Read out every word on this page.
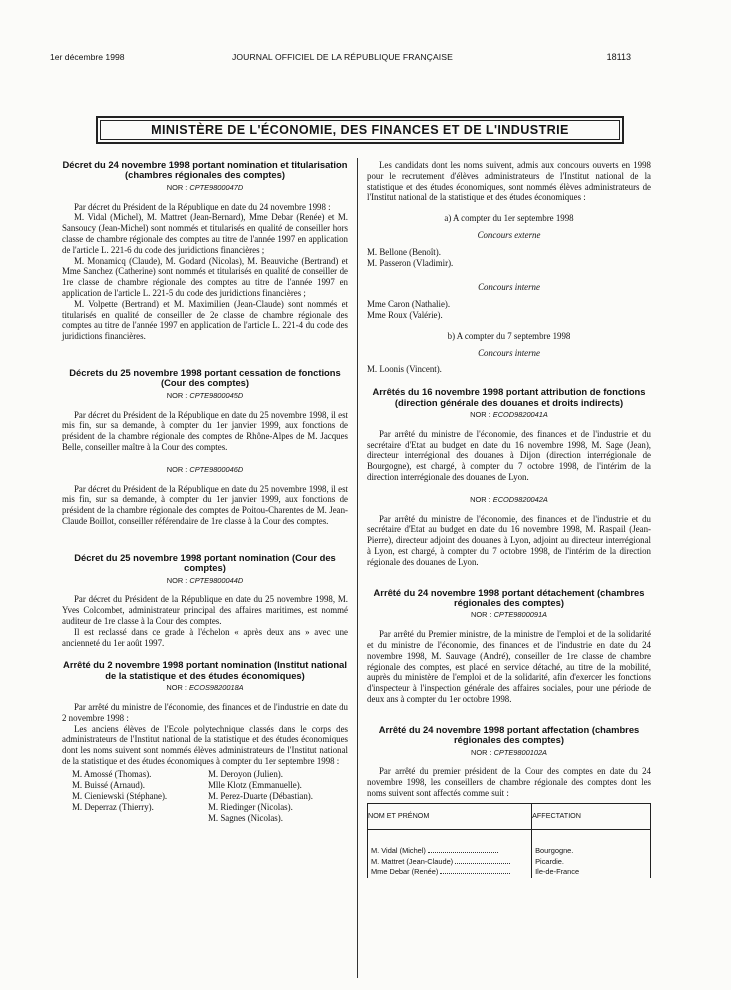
1er décembre 1998	JOURNAL OFFICIEL DE LA RÉPUBLIQUE FRANÇAISE	18113
MINISTÈRE DE L'ÉCONOMIE, DES FINANCES ET DE L'INDUSTRIE
Décret du 24 novembre 1998 portant nomination et titularisation (chambres régionales des comptes)
NOR : CPTE9800047D

Par décret du Président de la République en date du 24 novembre 1998 :

M. Vidal (Michel), M. Mattret (Jean-Bernard), Mme Debar (Renée) et M. Sansoucy (Jean-Michel) sont nommés et titularisés en qualité de conseiller hors classe de chambre régionale des comptes au titre de l'année 1997 en application de l'article L. 221-6 du code des juridictions financières ;

M. Monamicq (Claude), M. Godard (Nicolas), M. Beauviche (Bertrand) et Mme Sanchez (Catherine) sont nommés et titularisés en qualité de conseiller de 1re classe de chambre régionale des comptes au titre de l'année 1997 en application de l'article L. 221-5 du code des juridictions financières ;

M. Volpette (Bertrand) et M. Maximilien (Jean-Claude) sont nommés et titularisés en qualité de conseiller de 2e classe de chambre régionale des comptes au titre de l'année 1997 en application de l'article L. 221-4 du code des juridictions financières.

Décrets du 25 novembre 1998 portant cessation de fonctions (Cour des comptes)
NOR : CPTE9800045D

Par décret du Président de la République en date du 25 novembre 1998, il est mis fin, sur sa demande, à compter du 1er janvier 1999, aux fonctions de président de la chambre régionale des comptes de Rhône-Alpes de M. Jacques Belle, conseiller maître à la Cour des comptes.

NOR : CPTE9800046D

Par décret du Président de la République en date du 25 novembre 1998, il est mis fin, sur sa demande, à compter du 1er janvier 1999, aux fonctions de président de la chambre régionale des comptes de Poitou-Charentes de M. Jean-Claude Boillot, conseiller référendaire de 1re classe à la Cour des comptes.

Décret du 25 novembre 1998 portant nomination (Cour des comptes)
NOR : CPTE9800044D

Par décret du Président de la République en date du 25 novembre 1998, M. Yves Colcombet, administrateur principal des affaires maritimes, est nommé auditeur de 1re classe à la Cour des comptes.

Il est reclassé dans ce grade à l'échelon « après deux ans » avec une ancienneté du 1er août 1997.

Arrêté du 2 novembre 1998 portant nomination (Institut national de la statistique et des études économiques)
NOR : ECOS9820018A

Par arrêté du ministre de l'économie, des finances et de l'industrie en date du 2 novembre 1998 :

Les anciens élèves de l'Ecole polytechnique classés dans le corps des administrateurs de l'Institut national de la statistique et des études économiques dont les noms suivent sont nommés élèves administrateurs de l'Institut national de la statistique et des études économiques à compter du 1er septembre 1998 :

M. Amossé (Thomas).
M. Buissé (Arnaud).
M. Cieniewski (Stéphane).
M. Deperraz (Thierry).
M. Deroyon (Julien).
Mlle Klotz (Emmanuelle).
M. Perez-Duarte (Débastian).
M. Riedinger (Nicolas).
M. Sagnes (Nicolas).

Les candidats dont les noms suivent, admis aux concours ouverts en 1998 pour le recrutement d'élèves administrateurs de l'Institut national de la statistique et des études économiques, sont nommés élèves administrateurs de l'Institut national de la statistique et des études économiques :

a) A compter du 1er septembre 1998

Concours externe

M. Bellone (Benoît).
M. Passeron (Vladimir).

Concours interne

Mme Caron (Nathalie).
Mme Roux (Valérie).

b) A compter du 7 septembre 1998

Concours interne

M. Loonis (Vincent).
Arrêtés du 16 novembre 1998 portant attribution de fonctions (direction générale des douanes et droits indirects)
NOR : ECOD9820041A

Par arrêté du ministre de l'économie, des finances et de l'industrie et du secrétaire d'Etat au budget en date du 16 novembre 1998, M. Sage (Jean), directeur interrégional des douanes à Dijon (direction interrégionale de Bourgogne), est chargé, à compter du 7 octobre 1998, de l'intérim de la direction interrégionale des douanes de Lyon.

NOR : ECOD9820042A

Par arrêté du ministre de l'économie, des finances et de l'industrie et du secrétaire d'Etat au budget en date du 16 novembre 1998, M. Raspail (Jean-Pierre), directeur adjoint des douanes à Lyon, adjoint au directeur interrégional à Lyon, est chargé, à compter du 7 octobre 1998, de l'intérim de la direction régionale des douanes de Lyon.

Arrêté du 24 novembre 1998 portant détachement (chambres régionales des comptes)
NOR : CPTE9800091A

Par arrêté du Premier ministre, de la ministre de l'emploi et de la solidarité et du ministre de l'économie, des finances et de l'industrie en date du 24 novembre 1998, M. Sauvage (André), conseiller de 1re classe de chambre régionale des comptes, est placé en service détaché, au titre de la mobilité, auprès du ministère de l'emploi et de la solidarité, afin d'exercer les fonctions d'inspecteur à l'inspection générale des affaires sociales, pour une période de deux ans à compter du 1er octobre 1998.

Arrêté du 24 novembre 1998 portant affectation (chambres régionales des comptes)
NOR : CPTE9800102A

Par arrêté du premier président de la Cour des comptes en date du 24 novembre 1998, les conseillers de chambre régionale des comptes dont les noms suivent sont affectés comme suit :

NOM ET PRÉNOM	AFFECTATION
M. Vidal (Michel)	Bourgogne.
M. Mattret (Jean-Claude)	Picardie.
Mme Debar (Renée)	Ile-de-France
